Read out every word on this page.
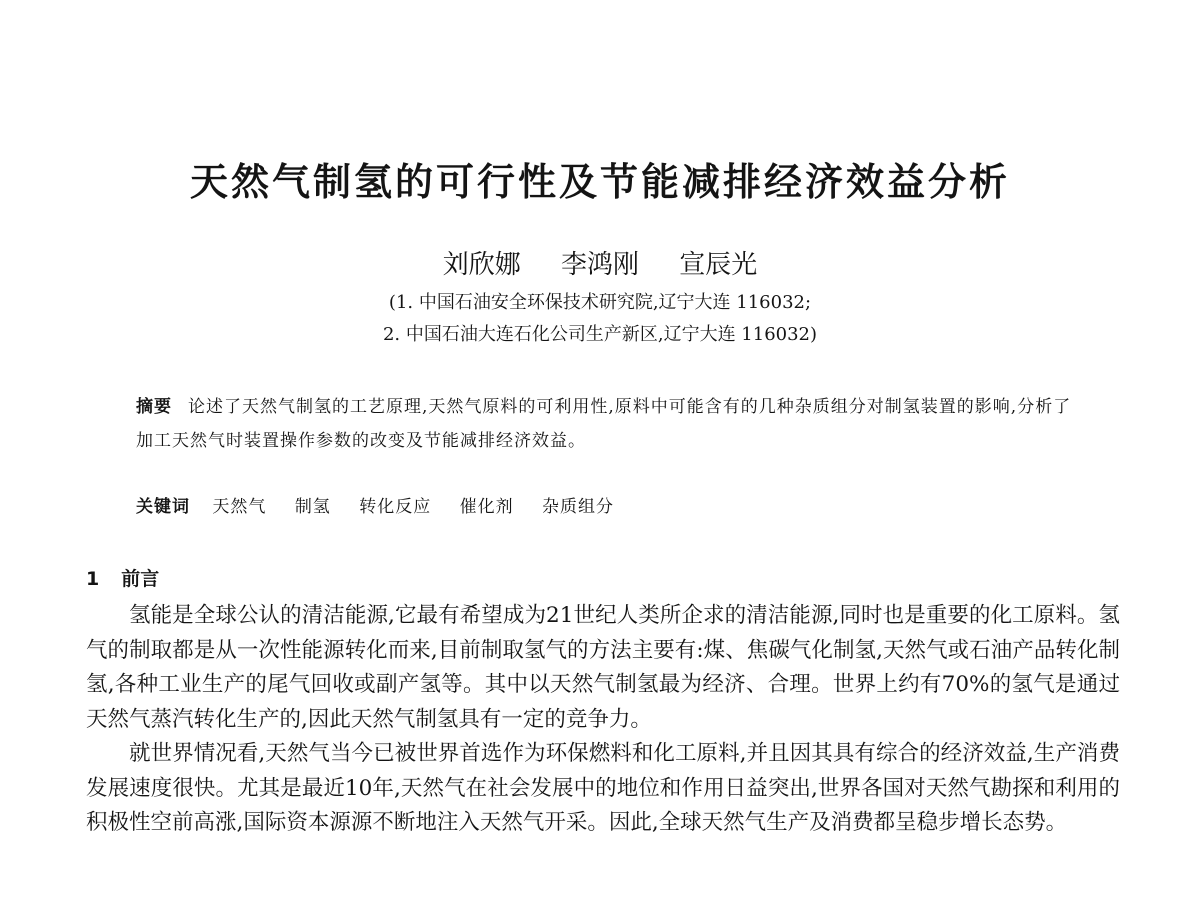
天然气制氢的可行性及节能减排经济效益分析
刘欣娜 李鸿刚 宣辰光
(1. 中国石油安全环保技术研究院,辽宁大连 116032;
2. 中国石油大连石化公司生产新区,辽宁大连 116032)
摘要 论述了天然气制氢的工艺原理,天然气原料的可利用性,原料中可能含有的几种杂质组分对制氢装置的影响,分析了加工天然气时装置操作参数的改变及节能减排经济效益。
关键词 天然气 制氢 转化反应 催化剂 杂质组分
1 前言

氢能是全球公认的清洁能源,它最有希望成为21世纪人类所企求的清洁能源,同时也是重要的化工原料。氢气的制取都是从一次性能源转化而来,目前制取氢气的方法主要有:煤、焦碳气化制氢,天然气或石油产品转化制氢,各种工业生产的尾气回收或副产氢等。其中以天然气制氢最为经济、合理。世界上约有70%的氢气是通过天然气蒸汽转化生产的,因此天然气制氢具有一定的竞争力。

就世界情况看,天然气当今已被世界首选作为环保燃料和化工原料,并且因其具有综合的经济效益,生产消费发展速度很快。尤其是最近10年,天然气在社会发展中的地位和作用日益突出,世界各国对天然气勘探和利用的积极性空前高涨,国际资本源源不断地注入天然气开采。因此,全球天然气生产及消费都呈稳步增长态势。
